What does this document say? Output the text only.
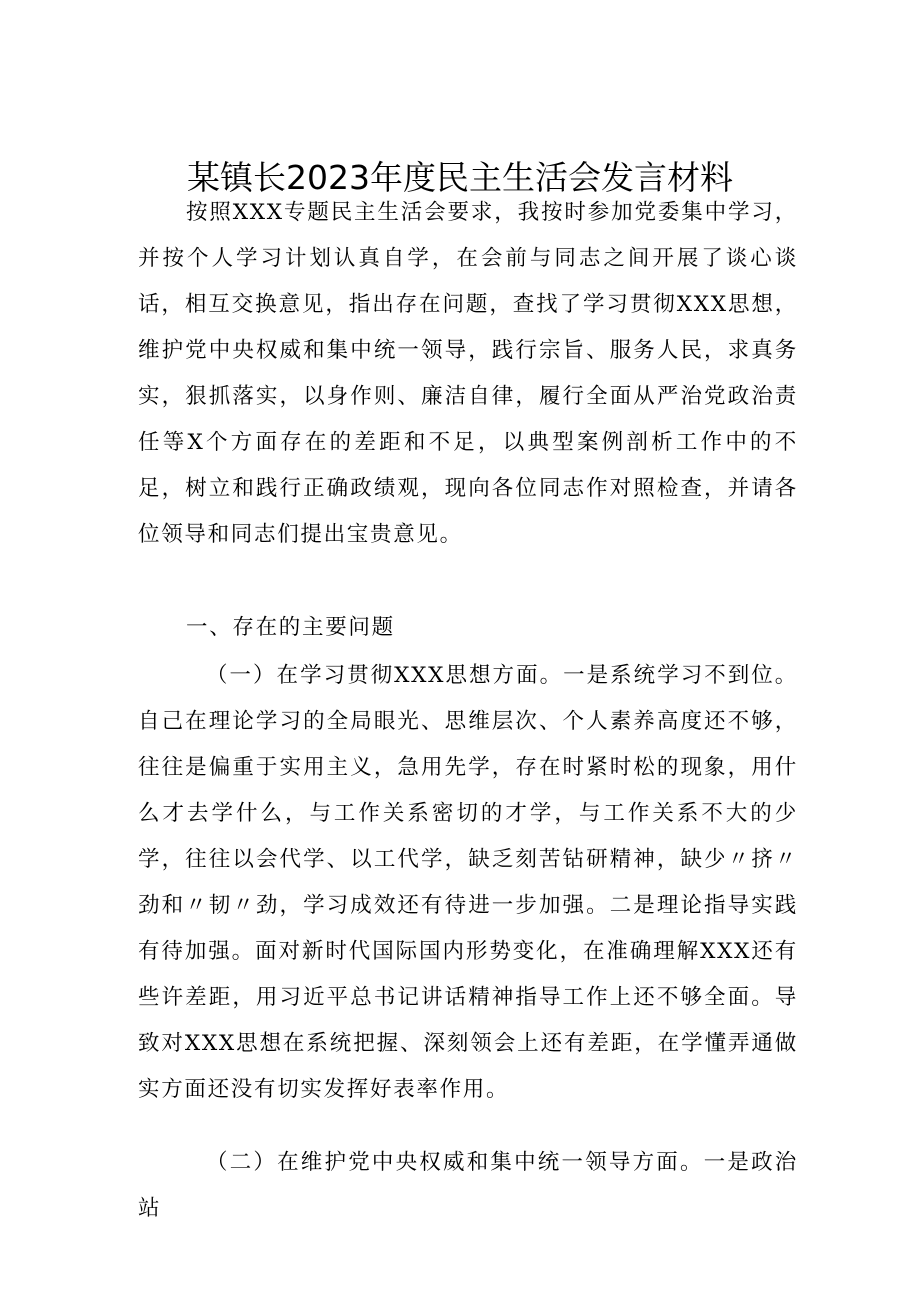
某镇长2023年度民主生活会发言材料

按照XXX专题民主生活会要求，我按时参加党委集中学习，并按个人学习计划认真自学，在会前与同志之间开展了谈心谈话，相互交换意见，指出存在问题，查找了学习贯彻XXX思想，维护党中央权威和集中统一领导，践行宗旨、服务人民，求真务实，狠抓落实，以身作则、廉洁自律，履行全面从严治党政治责任等X个方面存在的差距和不足，以典型案例剖析工作中的不足，树立和践行正确政绩观，现向各位同志作对照检查，并请各位领导和同志们提出宝贵意见。

一、存在的主要问题

（一）在学习贯彻XXX思想方面。一是系统学习不到位。自己在理论学习的全局眼光、思维层次、个人素养高度还不够，往往是偏重于实用主义，急用先学，存在时紧时松的现象，用什么才去学什么，与工作关系密切的才学，与工作关系不大的少学，往往以会代学、以工代学，缺乏刻苦钻研精神，缺少〃挤〃劲和〃韧〃劲，学习成效还有待进一步加强。二是理论指导实践有待加强。面对新时代国际国内形势变化，在准确理解XXX还有些许差距，用习近平总书记讲话精神指导工作上还不够全面。导致对XXX思想在系统把握、深刻领会上还有差距，在学懂弄通做实方面还没有切实发挥好表率作用。

（二）在维护党中央权威和集中统一领导方面。一是政治站
